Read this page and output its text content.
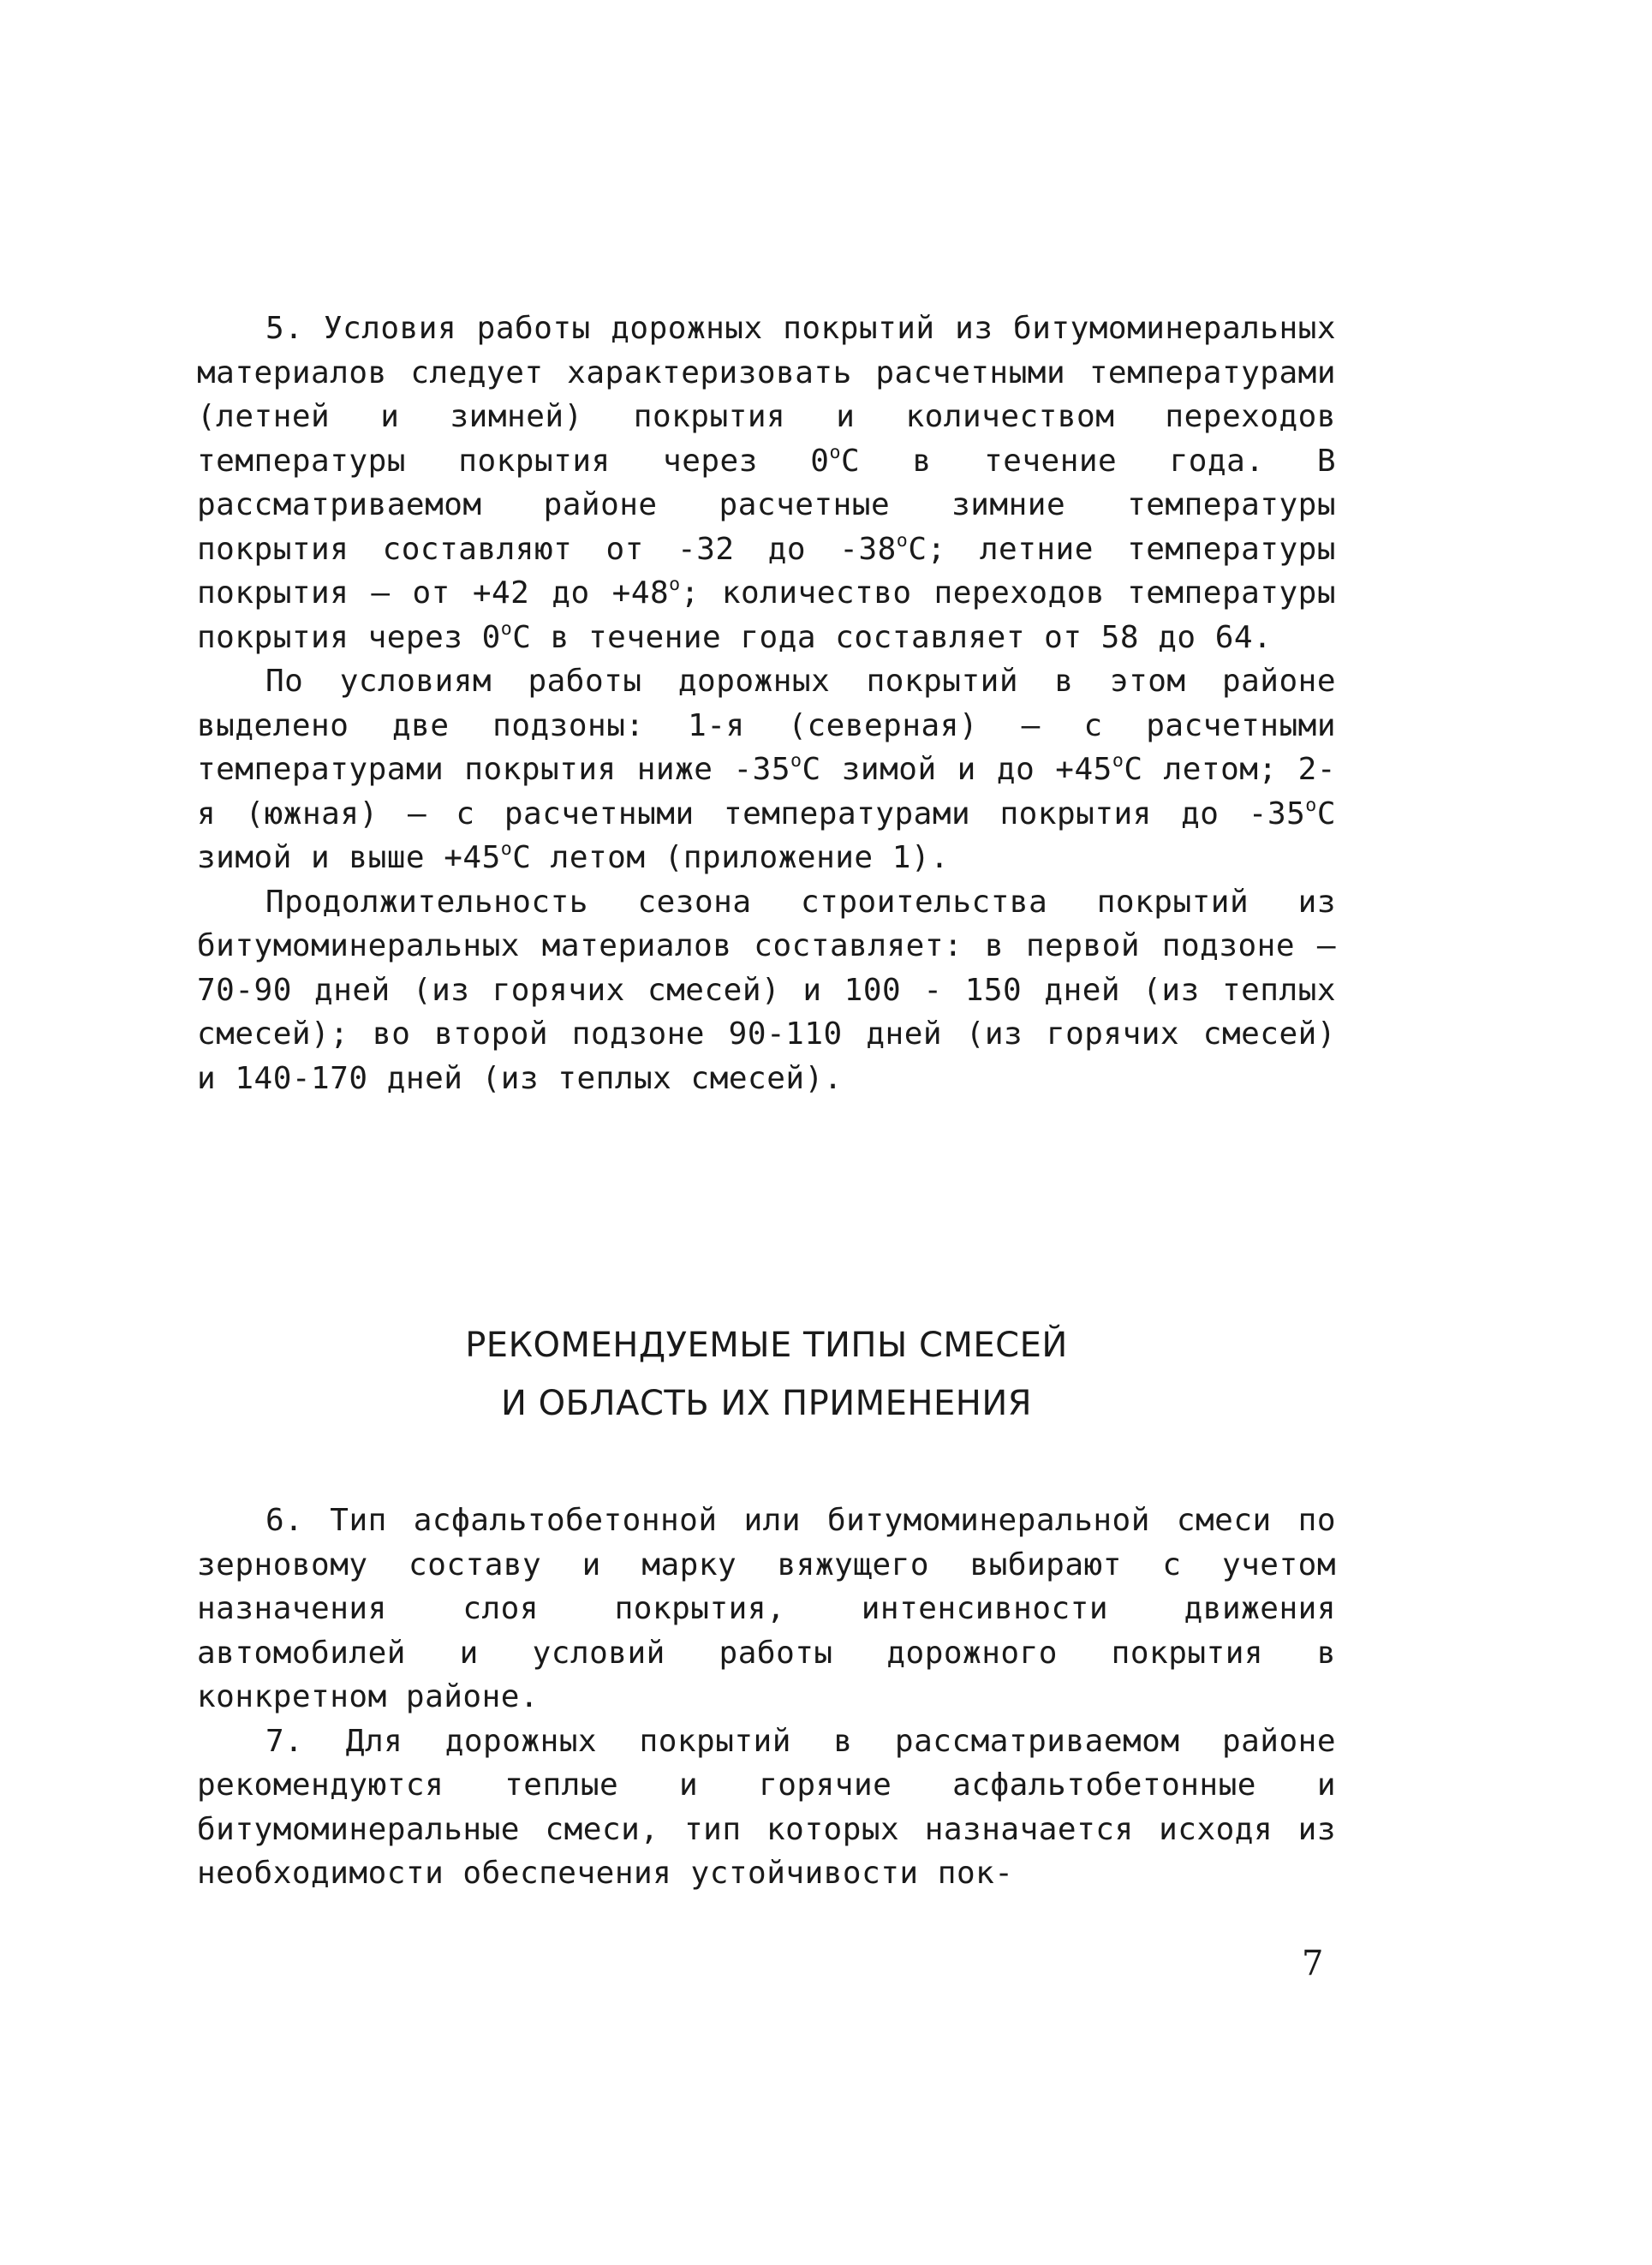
5. Условия работы дорожных покрытий из битумоминеральных материалов следует характеризовать расчетными температурами (летней и зимней) покрытия и количеством переходов температуры покрытия через $0^оС$ в течение года. В рассматриваемом районе расчетные зимние температуры покрытия составляют от -32 до $-38^оС$; летние температуры покрытия – от +42 до $+48^о$; количество переходов температуры покрытия через $0^оС$ в течение года составляет от 58 до 64.

По условиям работы дорожных покрытий в этом районе выделено две подзоны: 1-я (северная) – с расчетными температурами покрытия ниже $-35^оС$ зимой и до $+45^оС$ летом; 2-я (южная) – с расчетными температурами покрытия до $-35^оС$ зимой и выше $+45^оС$ летом (приложение 1).

Продолжительность сезона строительства покрытий из битумоминеральных материалов составляет: в первой подзоне – 70-90 дней (из горячих смесей) и 100 - 150 дней (из теплых смесей); во второй подзоне 90-110 дней (из горячих смесей) и 140-170 дней (из теплых смесей).

РЕКОМЕНДУЕМЫЕ ТИПЫ СМЕСЕЙ
И ОБЛАСТЬ ИХ ПРИМЕНЕНИЯ

6. Тип асфальтобетонной или битумоминеральной смеси по зерновому составу и марку вяжущего выбирают с учетом назначения слоя покрытия, интенсивности движения автомобилей и условий работы дорожного покрытия в конкретном районе.

7. Для дорожных покрытий в рассматриваемом районе рекомендуются теплые и горячие асфальтобетонные и битумоминеральные смеси, тип которых назначается исходя из необходимости обеспечения устойчивости пок-

7
